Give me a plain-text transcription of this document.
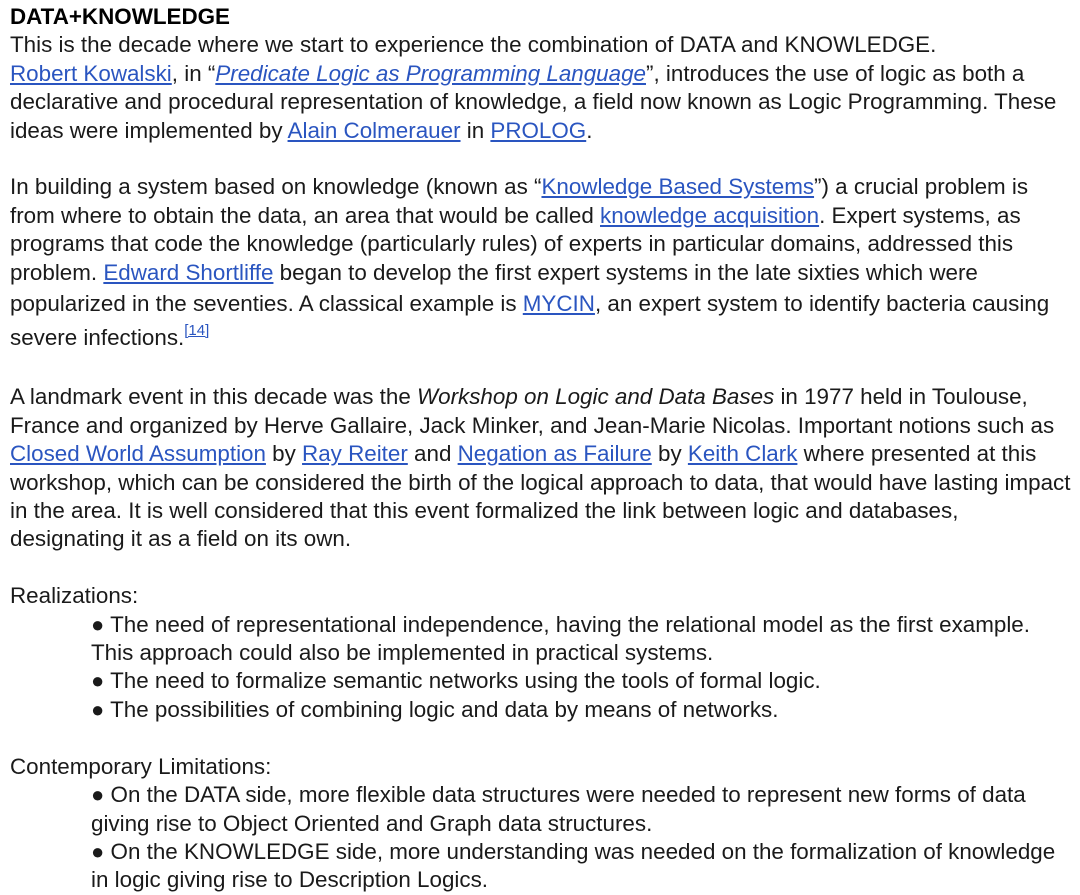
DATA+KNOWLEDGE

This is the decade where we start to experience the combination of DATA and KNOWLEDGE.
Robert Kowalski, in “Predicate Logic as Programming Language”, introduces the use of logic as both a declarative and procedural representation of knowledge, a field now known as Logic Programming. These ideas were implemented by Alain Colmerauer in PROLOG.

In building a system based on knowledge (known as “Knowledge Based Systems”) a crucial problem is from where to obtain the data, an area that would be called knowledge acquisition. Expert systems, as programs that code the knowledge (particularly rules) of experts in particular domains, addressed this problem. Edward Shortliffe began to develop the first expert systems in the late sixties which were popularized in the seventies. A classical example is MYCIN, an expert system to identify bacteria causing severe infections.[14]

A landmark event in this decade was the Workshop on Logic and Data Bases in 1977 held in Toulouse, France and organized by Herve Gallaire, Jack Minker, and Jean-Marie Nicolas. Important notions such as Closed World Assumption by Ray Reiter and Negation as Failure by Keith Clark where presented at this workshop, which can be considered the birth of the logical approach to data, that would have lasting impact in the area. It is well considered that this event formalized the link between logic and databases, designating it as a field on its own.

Realizations:

● The need of representational independence, having the relational model as the first example. This approach could also be implemented in practical systems.
● The need to formalize semantic networks using the tools of formal logic.
● The possibilities of combining logic and data by means of networks.

Contemporary Limitations:

● On the DATA side, more flexible data structures were needed to represent new forms of data giving rise to Object Oriented and Graph data structures.
● On the KNOWLEDGE side, more understanding was needed on the formalization of knowledge in logic giving rise to Description Logics.
